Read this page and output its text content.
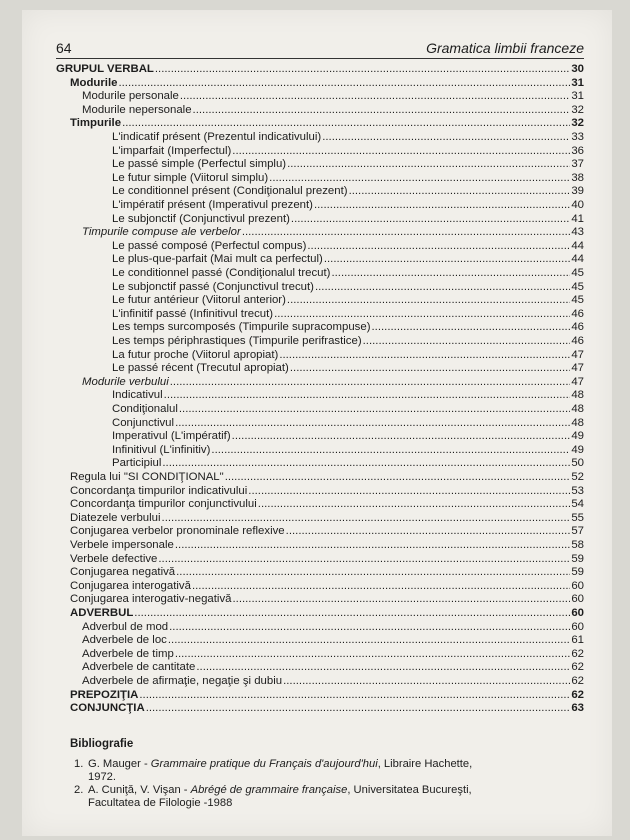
64	Gramatica limbii franceze
GRUPUL VERBAL .....	30
Modurile .....	31
Modurile personale .....	31
Modurile nepersonale .....	32
Timpurile .....	32
L'indicatif présent (Prezentul indicativului) .....	33
L'imparfait (Imperfectul) .....	36
Le passé simple (Perfectul simplu) .....	37
Le futur simple (Viitorul simplu) .....	38
Le conditionnel présent (Condiţionalul prezent) .....	39
L'impératif présent (Imperativul prezent) .....	40
Le subjonctif (Conjunctivul prezent) .....	41
Timpurile compuse ale verbelor .....	43
Le passé composé (Perfectul compus) .....	44
Le plus-que-parfait (Mai mult ca perfectul) .....	44
Le conditionnel passé (Condiţionalul trecut) .....	45
Le subjonctif passé (Conjunctivul trecut) .....	45
Le futur antérieur (Viitorul anterior) .....	45
L'infinitif passé (Infinitivul trecut) .....	46
Les temps surcomposés (Timpurile supracompuse) .....	46
Les temps périphrastiques (Timpurile perifrastice) .....	46
La futur proche (Viitorul apropiat) .....	47
Le passé récent (Trecutul apropiat) .....	47
Modurile verbului .....	47
Indicativul .....	48
Condiţionalul .....	48
Conjunctivul .....	48
Imperativul (L'impératif) .....	49
Infinitivul (L'infinitiv) .....	49
Participiul .....	50
Regula lui "SI CONDIŢIONAL" .....	52
Concordanţa timpurilor indicativului .....	53
Concordanţa timpurilor conjunctivului .....	54
Diatezele verbului .....	55
Conjugarea verbelor pronominale reflexive .....	57
Verbele impersonale .....	58
Verbele defective .....	59
Conjugarea negativă .....	59
Conjugarea interogativă .....	60
Conjugarea interogativ-negativă .....	60
ADVERBUL .....	60
Adverbul de mod .....	60
Adverbele de loc .....	61
Adverbele de timp .....	62
Adverbele de cantitate .....	62
Adverbele de afirmaţie, negaţie şi dubiu .....	62
PREPOZIŢIA .....	62
CONJUNCŢIA .....	63
Bibliografie
1. G. Mauger - Grammaire pratique du Français d'aujourd'hui, Libraire Hachette,
1972.
2. A. Cuniţă, V. Vişan - Abrégé de grammaire française, Universitatea Bucureşti,
Facultatea de Filologie -1988
